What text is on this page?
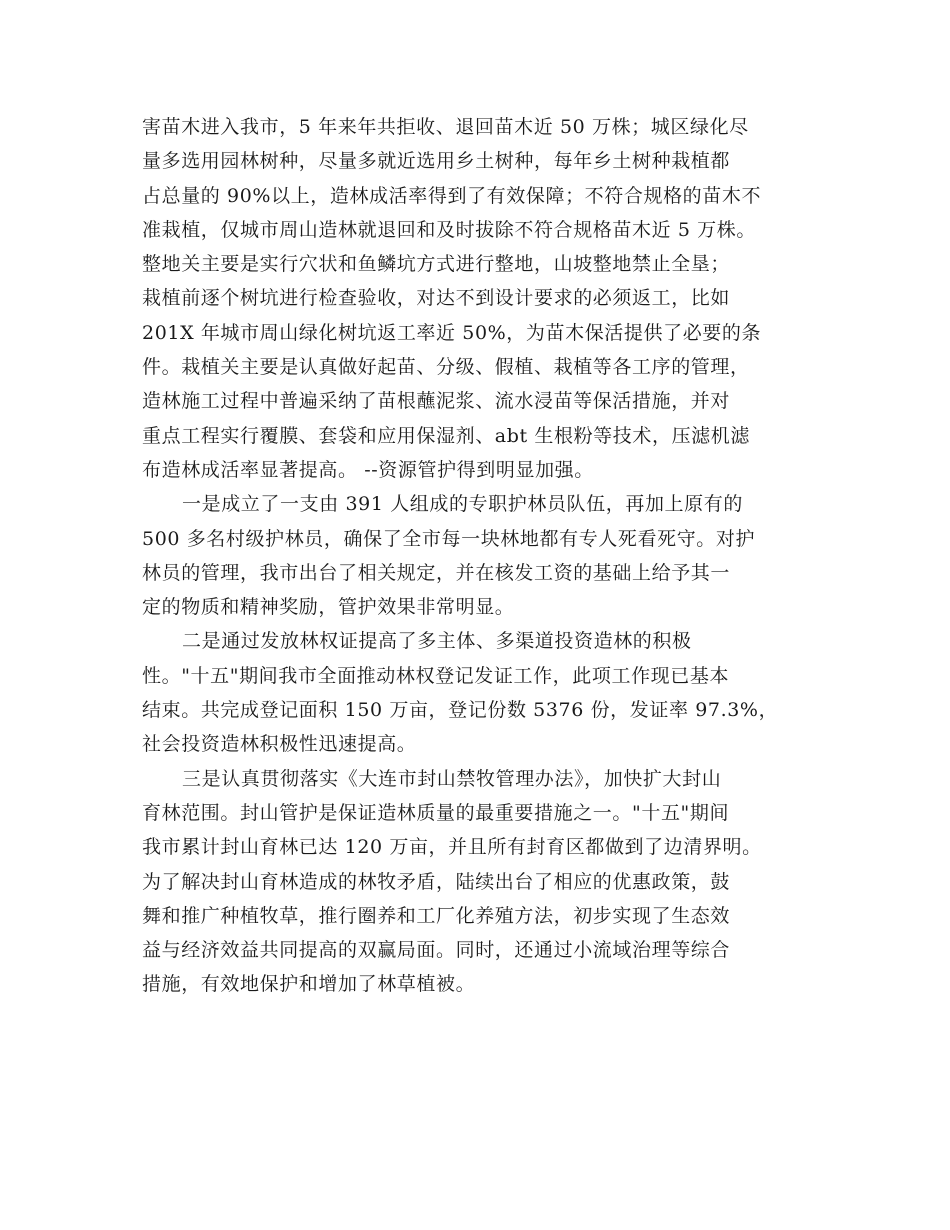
害苗木进入我市，5 年来年共拒收、退回苗木近 50 万株；城区绿化尽
量多选用园林树种，尽量多就近选用乡土树种，每年乡土树种栽植都
占总量的 90%以上，造林成活率得到了有效保障；不符合规格的苗木不
准栽植，仅城市周山造林就退回和及时拔除不符合规格苗木近 5 万株。
整地关主要是实行穴状和鱼鳞坑方式进行整地，山坡整地禁止全垦；
栽植前逐个树坑进行检查验收，对达不到设计要求的必须返工，比如
201X 年城市周山绿化树坑返工率近 50%，为苗木保活提供了必要的条
件。栽植关主要是认真做好起苗、分级、假植、栽植等各工序的管理，
造林施工过程中普遍采纳了苗根蘸泥浆、流水浸苗等保活措施，并对
重点工程实行覆膜、套袋和应用保湿剂、abt 生根粉等技术，压滤机滤
布造林成活率显著提高。 --资源管护得到明显加强。
一是成立了一支由 391 人组成的专职护林员队伍，再加上原有的
500 多名村级护林员，确保了全市每一块林地都有专人死看死守。对护
林员的管理，我市出台了相关规定，并在核发工资的基础上给予其一
定的物质和精神奖励，管护效果非常明显。
二是通过发放林权证提高了多主体、多渠道投资造林的积极
性。"十五"期间我市全面推动林权登记发证工作，此项工作现已基本
结束。共完成登记面积 150 万亩，登记份数 5376 份，发证率 97.3%，
社会投资造林积极性迅速提高。
三是认真贯彻落实《大连市封山禁牧管理办法》，加快扩大封山
育林范围。封山管护是保证造林质量的最重要措施之一。"十五"期间
我市累计封山育林已达 120 万亩，并且所有封育区都做到了边清界明。
为了解决封山育林造成的林牧矛盾，陆续出台了相应的优惠政策，鼓
舞和推广种植牧草，推行圈养和工厂化养殖方法，初步实现了生态效
益与经济效益共同提高的双赢局面。同时，还通过小流域治理等综合
措施，有效地保护和增加了林草植被。
